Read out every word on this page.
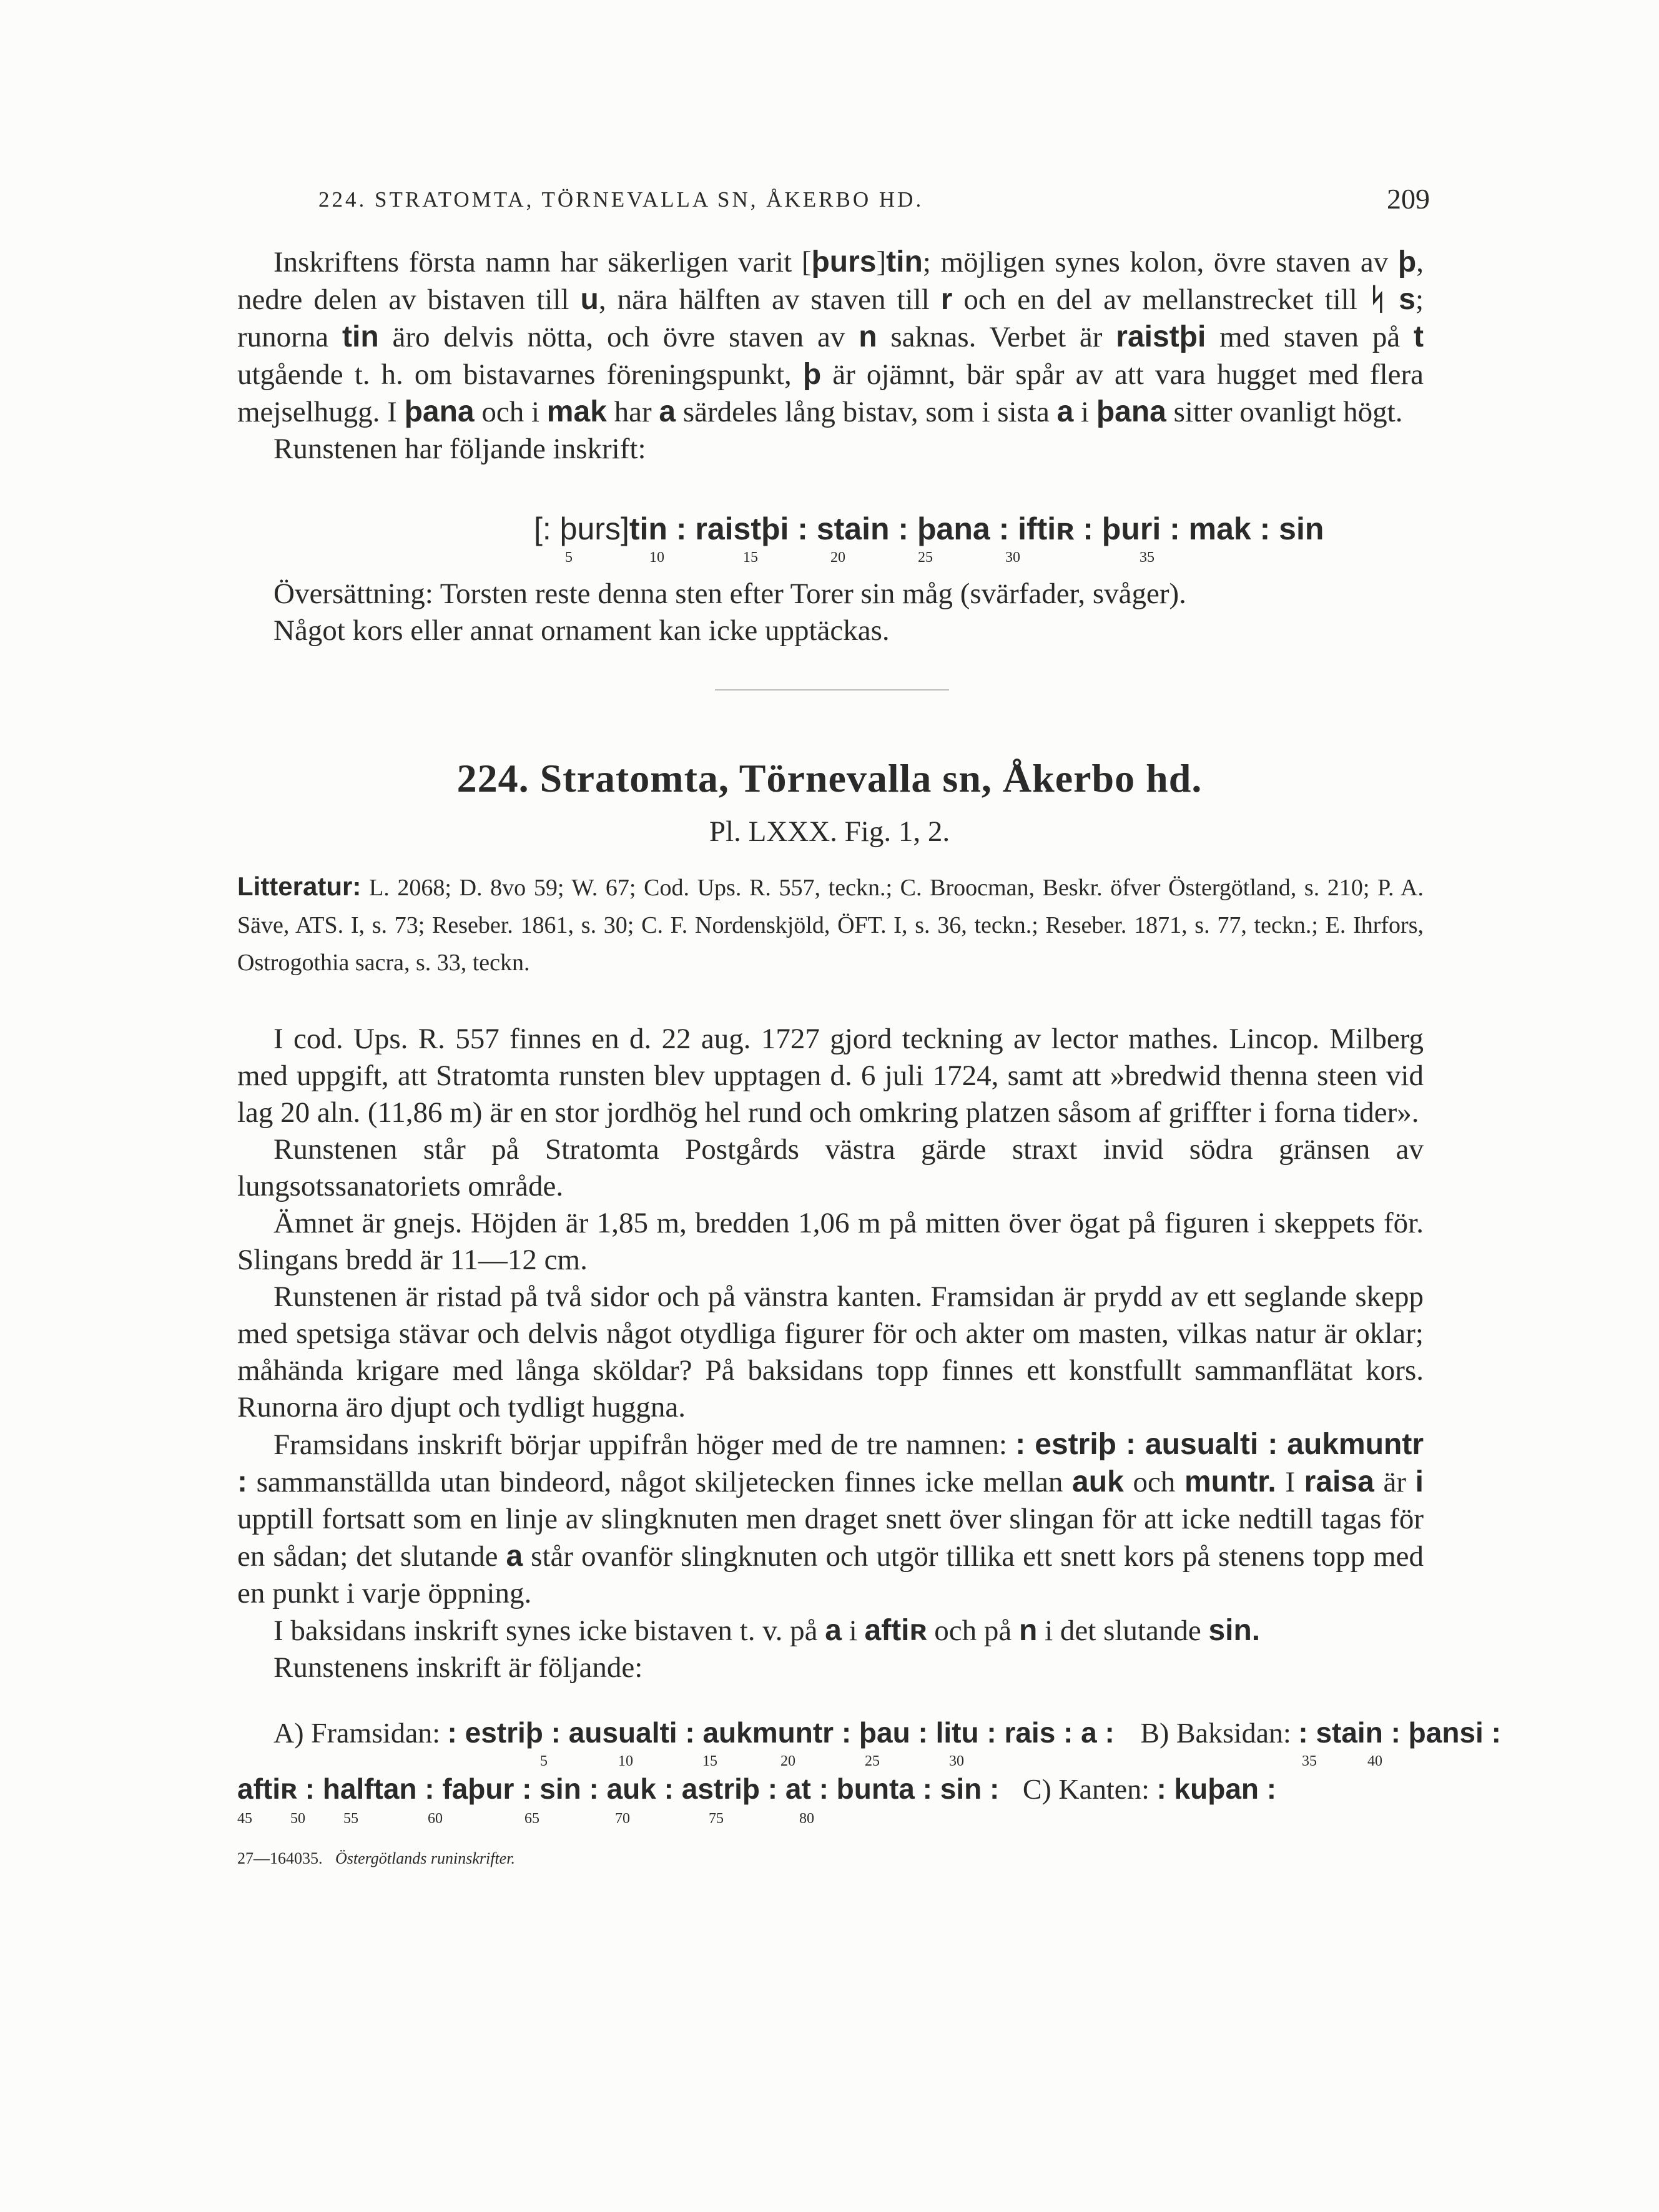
224. STRATOMTA, TÖRNEVALLA SN, ÅKERBO HD.	209

Inskriftens första namn har säkerligen varit [þurs]tin; möjligen synes kolon, övre staven av þ, nedre delen av bistaven till u, nära hälften av staven till r och en del av mellanstrecket till ᛋ s; runorna tin äro delvis nötta, och övre staven av n saknas. Verbet är raistþi med staven på t utgående t. h. om bistavarnes föreningspunkt, þ är ojämnt, bär spår av att vara hugget med flera mejselhugg. I þana och i mak har a särdeles lång bistav, som i sista a i þana sitter ovanligt högt.

Runstenen har följande inskrift:

[: þurs]tin : raistþi : stain : þana : iftiʀ : þuri : mak : sin
5	10	15	20	25	30	35

Översättning: Torsten reste denna sten efter Torer sin måg (svärfader, svåger).

Något kors eller annat ornament kan icke upptäckas.

224. Stratomta, Törnevalla sn, Åkerbo hd.
Pl. LXXX. Fig. 1, 2.
Litteratur: L. 2068; D. 8vo 59; W. 67; Cod. Ups. R. 557, teckn.; C. Broocman, Beskr. öfver Östergötland, s. 210; P. A. Säve, ATS. I, s. 73; Reseber. 1861, s. 30; C. F. Nordenskjöld, ÖFT. I, s. 36, teckn.; Reseber. 1871, s. 77, teckn.; E. Ihrfors, Ostrogothia sacra, s. 33, teckn.

I cod. Ups. R. 557 finnes en d. 22 aug. 1727 gjord teckning av lector mathes. Lincop. Milberg med uppgift, att Stratomta runsten blev upptagen d. 6 juli 1724, samt att »bredwid thenna steen vid lag 20 aln. (11,86 m) är en stor jordhög hel rund och omkring platzen såsom af griffter i forna tider».

Runstenen står på Stratomta Postgårds västra gärde straxt invid södra gränsen av lungsotssanatoriets område.

Ämnet är gnejs. Höjden är 1,85 m, bredden 1,06 m på mitten över ögat på figuren i skeppets för. Slingans bredd är 11—12 cm.

Runstenen är ristad på två sidor och på vänstra kanten. Framsidan är prydd av ett seglande skepp med spetsiga stävar och delvis något otydliga figurer för och akter om masten, vilkas natur är oklar; måhända krigare med långa sköldar? På baksidans topp finnes ett konstfullt sammanflätat kors. Runorna äro djupt och tydligt huggna.

Framsidans inskrift börjar uppifrån höger med de tre namnen: : estriþ : ausualti : aukmuntr : sammanställda utan bindeord, något skiljetecken finnes icke mellan auk och muntr. I raisa är i upptill fortsatt som en linje av slingknuten men draget snett över slingan för att icke nedtill tagas för en sådan; det slutande a står ovanför slingknuten och utgör tillika ett snett kors på stenens topp med en punkt i varje öppning.

I baksidans inskrift synes icke bistaven t. v. på a i aftiʀ och på n i det slutande sin.

Runstenens inskrift är följande:

A) Framsidan: : estriþ : ausualti : aukmuntr : þau : litu : rais : a : B) Baksidan: : stain : þansi :
5	10	15	20	25	30	35	40
aftiʀ : halftan : faþur : sin : auk : astriþ : at : bunta : sin : C) Kanten: : kuþan :
45	50	55	60	65	70	75	80
27—164035. Östergötlands runinskrifter.
